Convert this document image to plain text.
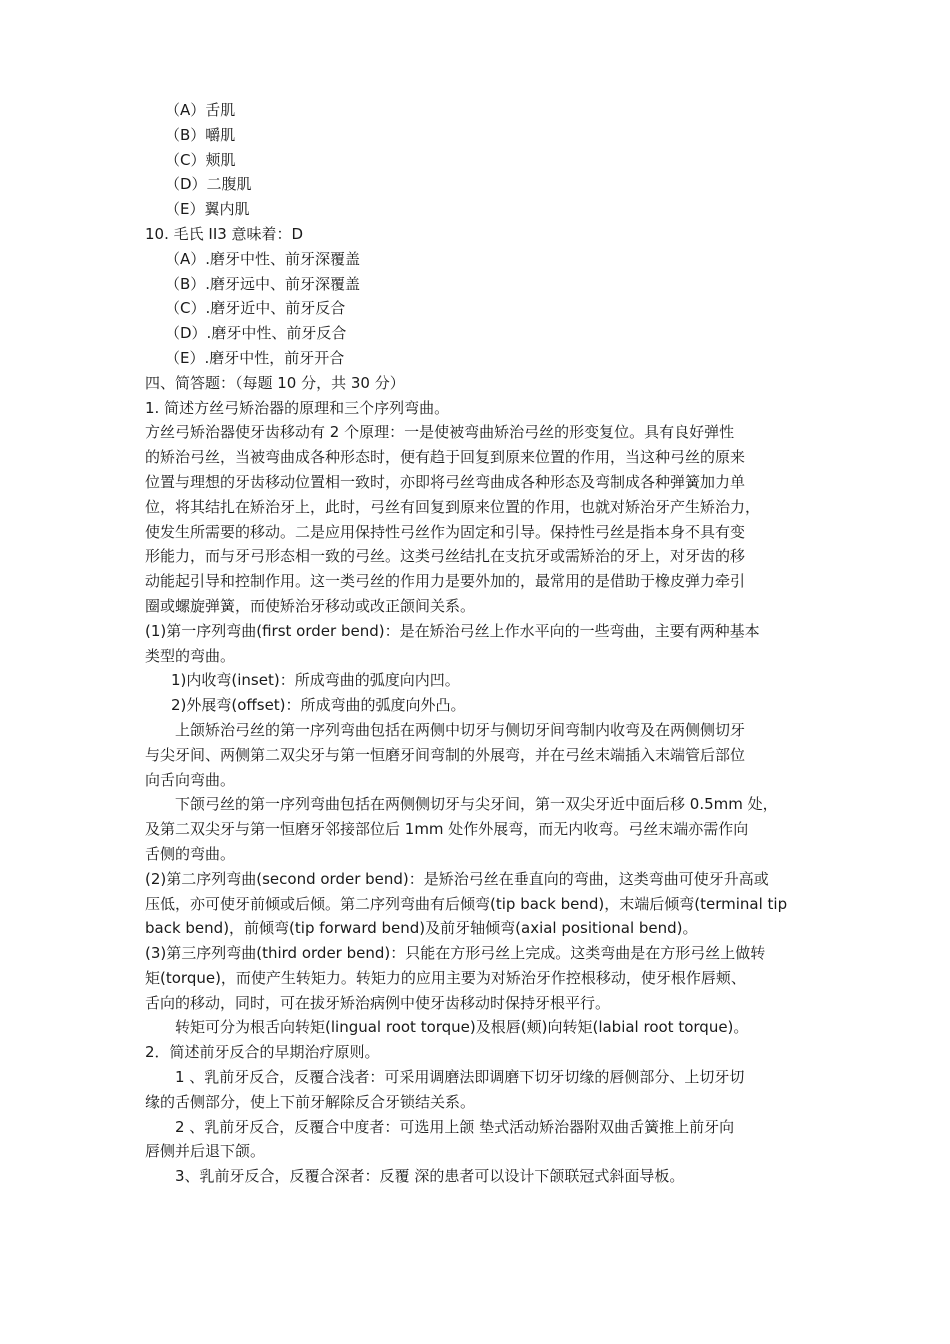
（A）舌肌
（B）嚼肌
（C）颊肌
（D）二腹肌
（E）翼内肌
10. 毛氏 II3 意味着：D
（A）.磨牙中性、前牙深覆盖
（B）.磨牙远中、前牙深覆盖
（C）.磨牙近中、前牙反合
（D）.磨牙中性、前牙反合
（E）.磨牙中性，前牙开合
四、简答题：（每题 10 分，共 30 分）
1. 简述方丝弓矫治器的原理和三个序列弯曲。
方丝弓矫治器使牙齿移动有 2 个原理：一是使被弯曲矫治弓丝的形变复位。具有良好弹性
的矫治弓丝，当被弯曲成各种形态时，便有趋于回复到原来位置的作用，当这种弓丝的原来
位置与理想的牙齿移动位置相一致时，亦即将弓丝弯曲成各种形态及弯制成各种弹簧加力单
位，将其结扎在矫治牙上，此时，弓丝有回复到原来位置的作用，也就对矫治牙产生矫治力，
使发生所需要的移动。二是应用保持性弓丝作为固定和引导。保持性弓丝是指本身不具有变
形能力，而与牙弓形态相一致的弓丝。这类弓丝结扎在支抗牙或需矫治的牙上，对牙齿的移
动能起引导和控制作用。这一类弓丝的作用力是要外加的，最常用的是借助于橡皮弹力牵引
圈或螺旋弹簧，而使矫治牙移动或改正颌间关系。
(1)第一序列弯曲(first order bend)：是在矫治弓丝上作水平向的一些弯曲，主要有两种基本
类型的弯曲。
1)内收弯(inset)：所成弯曲的弧度向内凹。
2)外展弯(offset)：所成弯曲的弧度向外凸。
上颌矫治弓丝的第一序列弯曲包括在两侧中切牙与侧切牙间弯制内收弯及在两侧侧切牙
与尖牙间、两侧第二双尖牙与第一恒磨牙间弯制的外展弯，并在弓丝末端插入末端管后部位
向舌向弯曲。
下颌弓丝的第一序列弯曲包括在两侧侧切牙与尖牙间，第一双尖牙近中面后移 0.5mm 处，
及第二双尖牙与第一恒磨牙邻接部位后 1mm 处作外展弯，而无内收弯。弓丝末端亦需作向
舌侧的弯曲。
(2)第二序列弯曲(second order bend)：是矫治弓丝在垂直向的弯曲，这类弯曲可使牙升高或
压低，亦可使牙前倾或后倾。第二序列弯曲有后倾弯(tip back bend)，末端后倾弯(terminal tip
back bend)，前倾弯(tip forward bend)及前牙轴倾弯(axial positional bend)。
(3)第三序列弯曲(third order bend)：只能在方形弓丝上完成。这类弯曲是在方形弓丝上做转
矩(torque)，而使产生转矩力。转矩力的应用主要为对矫治牙作控根移动，使牙根作唇颊、
舌向的移动，同时，可在拔牙矫治病例中使牙齿移动时保持牙根平行。
转矩可分为根舌向转矩(lingual root torque)及根唇(颊)向转矩(labial root torque)。
2．简述前牙反合的早期治疗原则。
1 、乳前牙反合，反覆合浅者：可采用调磨法即调磨下切牙切缘的唇侧部分、上切牙切
缘的舌侧部分，使上下前牙解除反合牙锁结关系。
2 、乳前牙反合，反覆合中度者：可选用上颌 垫式活动矫治器附双曲舌簧推上前牙向
唇侧并后退下颌。
3、乳前牙反合，反覆合深者：反覆 深的患者可以设计下颌联冠式斜面导板。
